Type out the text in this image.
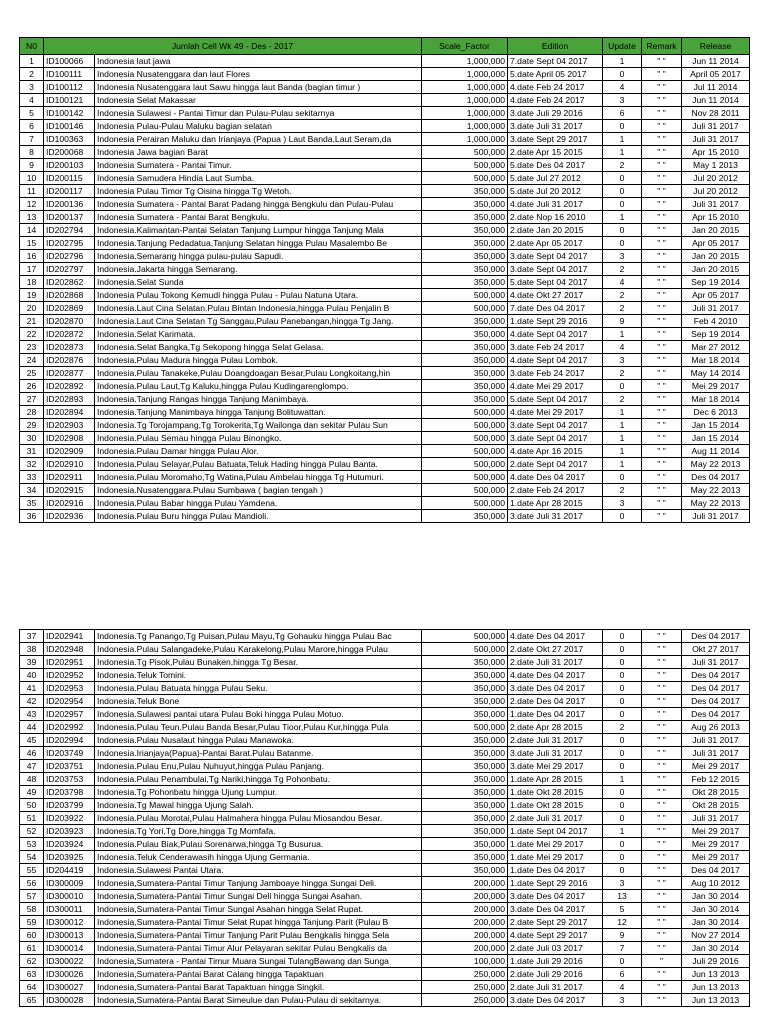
N0	Jumlah Cell Wk 49 - Des - 2017		Scale_Factor	Edition	Update	Remark	Release
1	ID100066	Indonesia laut jawa	1,000,000	7.date Sept 04 2017	1	" "	Jun 11 2014
2	ID100111	Indonesia Nusatenggara dan laut Flores	1,000,000	5.date April 05 2017	0	" "	April 05 2017
3	ID100112	Indonesia Nusatenggara laut Sawu hingga laut Banda (bagian timur )	1,000,000	4.date Feb 24 2017	4	" "	Jul 11 2014
4	ID100121	Indonesia Selat Makassar	1,000,000	4.date Feb 24 2017	3	" "	Jun 11 2014
5	ID100142	Indonesia Sulawesi - Pantai Timur dan Pulau-Pulau sekitarnya	1,000,000	3.date Juli 29 2016	6	" "	Nov 28 2011
6	ID100146	Indonesia Pulau-Pulau Maluku bagian selatan	1,000,000	3.date Juli 31 2017	0	" "	Juli 31 2017
7	ID100363	Indonesia Perairan Maluku dan Irianjaya (Papua ) Laut Banda,Laut Seram,da	1,000,000	3.date Sept 29 2017	1	" "	Juli 31 2017
8	ID200068	Indonesia Jawa bagian Barat	500,000	2.date Apr 15 2015	1	" "	Apr 15 2010
9	ID200103	Indonesia Sumatera - Pantai Timur.	500,000	5.date Des 04 2017	2	" "	May 1 2013
10	ID200115	Indonesia Samudera Hindia Laut Sumba.	500,000	5.date Jul 27 2012	0	" "	Jul 20 2012
11	ID200117	Indonesia Pulau Timor Tg Oisina hingga Tg Wetoh.	350,000	5.date Jul 20 2012	0	" "	Jul 20 2012
12	ID200136	Indonesia Sumatera - Pantai Barat Padang hingga Bengkulu dan Pulau-Pulau	350,000	4.date Juli 31 2017	0	" "	Juli 31 2017
13	ID200137	Indonesia Sumatera - Pantai Barat Bengkulu.	350,000	2.date Nop 16 2010	1	" "	Apr 15 2010
14	ID202794	Indonesia.Kalimantan-Pantai Selatan Tanjung Lumpur hingga Tanjung Mala	350,000	2.date Jan 20 2015	0	" "	Jan 20 2015
15	ID202795	Indonesia.Tanjung Pedadatua,Tanjung Selatan hingga Pulau Masalembo Be	350,000	2.date Apr 05 2017	0	" "	Apr 05 2017
16	ID202796	Indonesia.Semarang hingga pulau-pulau Sapudi.	350,000	3.date Sept 04 2017	3	" "	Jan 20 2015
17	ID202797	Indonesia.Jakarta hingga Semarang.	350,000	3.date Sept 04 2017	2	" "	Jan 20 2015
18	ID202862	Indonesia.Selat Sunda	350,000	5.date Sept 04 2017	4	" "	Sep 19 2014
19	ID202868	Indonesia Pulau Tokong Kemudi hingga Pulau - Pulau Natuna Utara.	500,000	4.date Okt 27 2017	2	" "	Apr 05 2017
20	ID202869	Indonesia.Laut Cina Selatan.Pulau Bintan Indonesia,hingga Pulau Penjalin B	500,000	7.date Des 04 2017	2	" "	Juli 31 2017
21	ID202870	Indonesia.Laut Cina Selatan Tg Sanggau,Pulau Panebangan,hingga Tg Jang.	350,000	1.date Sept 29 2016	9	" "	Feb 4 2010
22	ID202872	Indonesia.Selat Karimata.	350,000	4.date Sept 04 2017	1	" "	Sep 19 2014
23	ID202873	Indonesia.Selat Bangka,Tg Sekopong hingga Selat Gelasa.	350,000	3.date Feb 24 2017	4	" "	Mar 27 2012
24	ID202876	Indonesia.Pulau Madura hingga Pulau Lombok.	350,000	4.date Sept 04 2017	3	" "	Mar 18 2014
25	ID202877	Indonesia.Pulau Tanakeke,Pulau Doangdoagan Besar,Pulau Longkoitang,hin	350,000	3.date Feb 24 2017	2	" "	May 14 2014
26	ID202892	Indonesia.Pulau Laut,Tg Kaluku,hingga Pulau Kudingarenglompo.	350,000	4.date Mei 29 2017	0	" "	Mei 29 2017
27	ID202893	Indonesia.Tanjung Rangas hingga Tanjung Manimbaya.	350,000	5.date Sept 04 2017	2	" "	Mar 18 2014
28	ID202894	Indonesia.Tanjung Manimbaya hingga Tanjung Bolituwattan.	500,000	4.date Mei 29 2017	1	" "	Dec 6 2013
29	ID202903	Indonesia.Tg Torojampang,Tg Torokerita,Tg Wailonga dan sekitar Pulau Sun	500,000	3.date Sept 04 2017	1	" "	Jan 15 2014
30	ID202908	Indonesia.Pulau Semau hingga Pulau Binongko.	500,000	3.date Sept 04 2017	1	" "	Jan 15 2014
31	ID202909	Indonesia.Pulau Damar hingga Pulau Alor.	500,000	4.date Apr 16 2015	1	" "	Aug 11 2014
32	ID202910	Indonesia.Pulau Selayar,Pulau Batuata,Teluk Hading hingga Pulau Banta.	500,000	2.date Sept 04 2017	1	" "	May 22 2013
33	ID202911	Indonesia.Pulau Moromaho,Tg Watina,Pulau Ambelau hingga Tg Hutumuri.	500,000	4.date Des 04 2017	0	" "	Des 04 2017
34	ID202915	Indonesia.Nusatenggara.Pulau Sumbawa ( bagian tengah )	500,000	2.date Feb 24 2017	2	" "	May 22 2013
35	ID202916	Indonesia.Pulau Babar hingga Pulau Yamdena.	500,000	1.date Apr 28 2015	3	" "	May 22 2013
36	ID202936	Indonesia.Pulau Buru hingga Pulau Mandioli.	350,000	3.date Juli 31 2017	0	" "	Juli 31 2017
37	ID202941	Indonesia.Tg Panango,Tg Puisan,Pulau Mayu,Tg Gohauku hingga Pulau Bac	500,000	4.date Des 04 2017	0	" "	Des 04 2017
38	ID202948	Indonesia.Pulau Salangadeke,Pulau Karakelong,Pulau Marore,hingga Pulau	500,000	2.date Okt 27 2017	0	" "	Okt 27 2017
39	ID202951	Indonesia.Tg Pisok,Pulau Bunaken,hingga Tg Besar.	350,000	2.date Juli 31 2017	0	" "	Juli 31 2017
40	ID202952	Indonesia.Teluk Tomini.	350,000	4.date Des 04 2017	0	" "	Des 04 2017
41	ID202953	Indonesia.Pulau Batuata hingga Pulau Seku.	350,000	3.date Des 04 2017	0	" "	Des 04 2017
42	ID202954	Indonesia.Teluk Bone	350,000	2.date Des 04 2017	0	" "	Des 04 2017
43	ID202957	Indonesia.Sulawesi pantai utara Pulau Boki hingga Pulau Motuo.	350,000	1.date Des 04 2017	0	" "	Des 04 2017
44	ID202992	Indonesia.Pulau Teun.Pulau Banda Besar,Pulau Tioor,Pulau Kur,hingga Pula	500,000	2.date Apr 28 2015	2	" "	Aug 26 2013
45	ID202994	Indonesia.Pulau Nusalaut hingga Pulau Manawoka.	350,000	2.date Juli 31 2017	0	" "	Juli 31 2017
46	ID203749	Indonesia.Irianjaya(Papua)-Pantai Barat.Pulau Batanme.	350,000	3.date Juli 31 2017	0	" "	Juli 31 2017
47	ID203751	Indonesia.Pulau Enu,Pulau Nuhuyut,hingga Pulau Panjang.	350,000	3.date Mei 29 2017	0	" "	Mei 29 2017
48	ID203753	Indonesia.Pulau Penambulai,Tg Nariki,hingga Tg Pohonbatu.	350,000	1.date Apr 28 2015	1	" "	Feb 12 2015
49	ID203798	Indonesia.Tg Pohonbatu hingga Ujung Lumpur.	350,000	1.date Okt 28 2015	0	" "	Okt 28 2015
50	ID203799	Indonesia.Tg Mawal hingga Ujung Salah.	350,000	1.date Okt 28 2015	0	" "	Okt 28 2015
51	ID203922	Indonesia.Pulau Morotai,Pulau Halmahera hingga Pulau Miosandou Besar.	350,000	2.date Juli 31 2017	0	" "	Juli 31 2017
52	ID203923	Indonesia.Tg Yori,Tg Dore,hingga Tg Momfafa.	350,000	1.date Sept 04 2017	1	" "	Mei 29 2017
53	ID203924	Indonesia.Pulau Biak,Pulau Sorenarwa,hingga Tg Busurua.	350,000	1.date Mei 29 2017	0	" "	Mei 29 2017
54	ID203925	Indonesia.Teluk Cenderawasih hingga Ujung Germania.	350,000	1.date Mei 29 2017	0	" "	Mei 29 2017
55	ID204419	Indonesia.Sulawesi Pantai Utara.	350,000	1.date Des 04 2017	0	" "	Des 04 2017
56	ID300009	Indonesia,Sumatera-Pantai Timur Tanjung Jamboaye hingga Sungai Deli.	200,000	1.date Sept 29 2016	3	" "	Aug 10 2012
57	ID300010	Indonesia,Sumatera-Pantai Timur Sungai Deli hingga Sungai Asahan.	200,000	3.date Des 04 2017	13	" "	Jan 30 2014
58	ID300011	Indonesia,Sumatera-Pantai Timur Sungai Asahan hingga Selat Rupat.	200,000	3.date Des 04 2017	5	" "	Jan 30 2014
59	ID300012	Indonesia,Sumatera-Pantai Timur Selat Rupat hingga Tanjung Parit (Pulau B	200,000	2.date Sept 29 2017	12	" "	Jan 30 2014
60	ID300013	Indonesia,Sumatera-Pantai Timur Tanjung Parit Pulau Bengkalis hingga Sela	200,000	4.date Sept 29 2017	9	" "	Nov 27 2014
61	ID300014	Indonesia,Sumatera-Pantai Timur Alur Pelayaran sekitar Pulau Bengkalis da	200,000	2.date Juli 03 2017	7	" "	Jan 30 2014
62	ID300022	Indonesia,Sumatera - Pantai Timur Muara Sungai TulangBawang dan Sunga	100,000	1.date Juli 29 2016	0	"	Juli 29 2016
63	ID300026	Indonesia,Sumatera-Pantai Barat Calang hingga Tapaktuan	250,000	2.date Juli 29 2016	6	" "	Jun 13 2013
64	ID300027	Indonesia,Sumatera-Pantai Barat Tapaktuan hingga Singkil.	250,000	2.date Juli 31 2017	4	" "	Jun 13 2013
65	ID300028	Indonesia,Sumatera-Pantai Barat Simeulue dan Pulau-Pulau di sekitarnya.	250,000	3.date Des 04 2017	3	" "	Jun 13 2013
